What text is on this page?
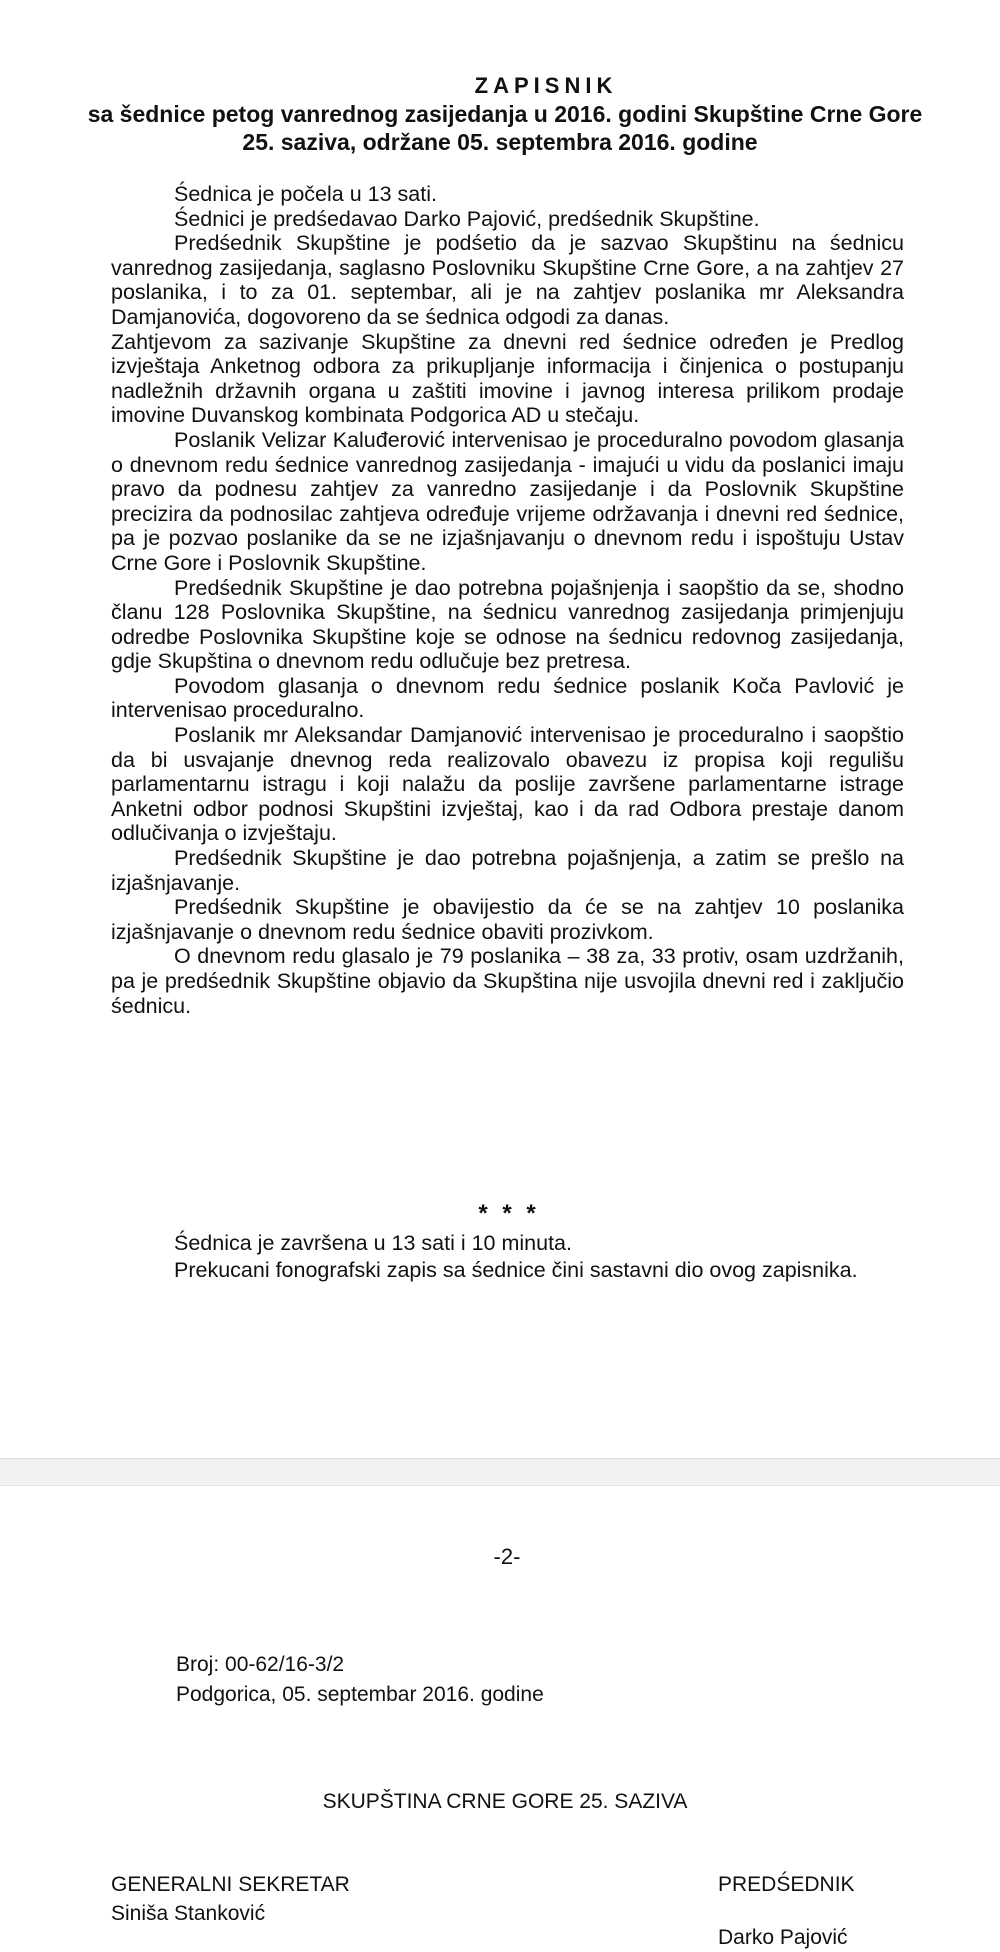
ZAPISNIK
sa šednice petog vanrednog zasijedanja u 2016. godini Skupštine Crne Gore
25. saziva, održane 05. septembra 2016. godine

Śednica je počela u 13 sati.

Śednici je predśedavao Darko Pajović, predśednik Skupštine.

Predśednik Skupštine je podśetio da je sazvao Skupštinu na śednicu vanrednog zasijedanja, saglasno Poslovniku Skupštine Crne Gore, a na zahtjev 27 poslanika, i to za 01. septembar, ali je na zahtjev poslanika mr Aleksandra Damjanovića, dogovoreno da se śednica odgodi za danas.

Zahtjevom za sazivanje Skupštine za dnevni red śednice određen je Predlog izvještaja Anketnog odbora za prikupljanje informacija i činjenica o postupanju nadležnih državnih organa u zaštiti imovine i javnog interesa prilikom prodaje imovine Duvanskog kombinata Podgorica AD u stečaju.

Poslanik Velizar Kaluđerović intervenisao je proceduralno povodom glasanja o dnevnom redu śednice vanrednog zasijedanja - imajući u vidu da poslanici imaju pravo da podnesu zahtjev za vanredno zasijedanje i da Poslovnik Skupštine precizira da podnosilac zahtjeva određuje vrijeme održavanja i dnevni red śednice, pa je pozvao poslanike da se ne izjašnjavanju o dnevnom redu i ispoštuju Ustav Crne Gore i Poslovnik Skupštine.

Predśednik Skupštine je dao potrebna pojašnjenja i saopštio da se, shodno članu 128 Poslovnika Skupštine, na śednicu vanrednog zasijedanja primjenjuju odredbe Poslovnika Skupštine koje se odnose na śednicu redovnog zasijedanja, gdje Skupština o dnevnom redu odlučuje bez pretresa.

Povodom glasanja o dnevnom redu śednice poslanik Koča Pavlović je intervenisao proceduralno.

Poslanik mr Aleksandar Damjanović intervenisao je proceduralno i saopštio da bi usvajanje dnevnog reda realizovalo obavezu iz propisa koji regulišu parlamentarnu istragu i koji nalažu da poslije završene parlamentarne istrage Anketni odbor podnosi Skupštini izvještaj, kao i da rad Odbora prestaje danom odlučivanja o izvještaju.

Predśednik Skupštine je dao potrebna pojašnjenja, a zatim se prešlo na izjašnjavanje.

Predśednik Skupštine je obavijestio da će se na zahtjev 10 poslanika izjašnjavanje o dnevnom redu śednice obaviti prozivkom.

O dnevnom redu glasalo je 79 poslanika – 38 za, 33 protiv, osam uzdržanih, pa je predśednik Skupštine objavio da Skupština nije usvojila dnevni red i zaključio śednicu.

* * *

Śednica je završena u 13 sati i 10 minuta.

Prekucani fonografski zapis sa śednice čini sastavni dio ovog zapisnika.

-2-
Broj: 00-62/16-3/2
Podgorica, 05. septembar 2016. godine
SKUPŠTINA CRNE GORE 25. SAZIVA
GENERALNI SEKRETAR
Siniša Stanković
PREDŚEDNIK
Darko Pajović
